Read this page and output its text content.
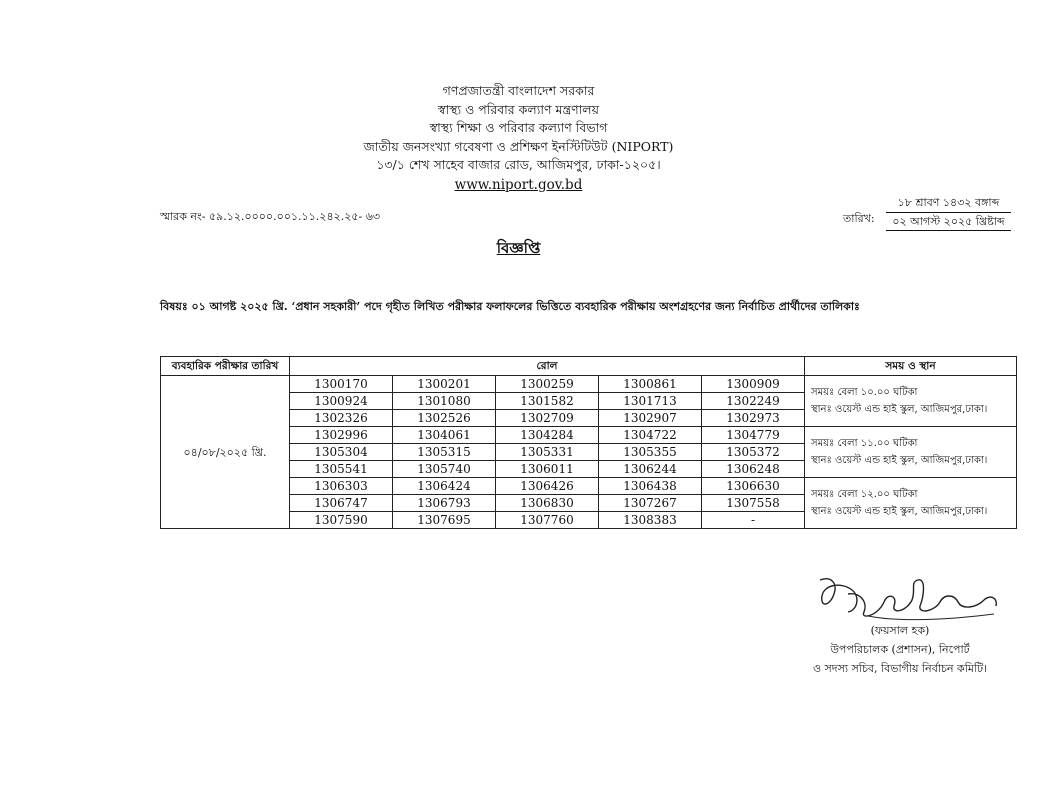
গণপ্রজাতন্ত্রী বাংলাদেশ সরকার
স্বাস্থ্য ও পরিবার কল্যাণ মন্ত্রণালয়
স্বাস্থ্য শিক্ষা ও পরিবার কল্যাণ বিভাগ
জাতীয় জনসংখ্যা গবেষণা ও প্রশিক্ষণ ইনস্টিটিউট (NIPORT)
১৩/১ শেখ সাহেব বাজার রোড, আজিমপুর, ঢাকা-১২০৫।
www.niport.gov.bd
স্মারক নং- ৫৯.১২.০০০০.০০১.১১.২৪২.২৫- ৬৩	তারিখ:
১৮ শ্রাবণ ১৪৩২ বঙ্গাব্দ
০২ আগস্ট ২০২৫ খ্রিষ্টাব্দ
বিজ্ঞপ্তি
বিষয়ঃ ০১ আগষ্ট ২০২৫ খ্রি. ‘প্রধান সহকারী’ পদে গৃহীত লিখিত পরীক্ষার ফলাফলের ভিত্তিতে ব্যবহারিক পরীক্ষায় অংশগ্রহণের জন্য নির্বাচিত প্রার্থীদের তালিকাঃ
ব্যবহারিক পরীক্ষার তারিখ	রোল					সময় ও স্থান
০৪/০৮/২০২৫ খ্রি.	1300170	1300201	1300259	1300861	1300909	সময়ঃ বেলা ১০.০০ ঘটিকা
স্থানঃ ওয়েস্ট এন্ড হাই স্কুল, আজিমপুর,ঢাকা।

	1300924	1301080	1301582	1301713	1302249	
	1302326	1302526	1302709	1302907	1302973	
	1302996	1304061	1304284	1304722	1304779	সময়ঃ বেলা ১১.০০ ঘটিকা
স্থানঃ ওয়েস্ট এন্ড হাই স্কুল, আজিমপুর,ঢাকা।

	1305304	1305315	1305331	1305355	1305372	
	1305541	1305740	1306011	1306244	1306248	
	1306303	1306424	1306426	1306438	1306630	সময়ঃ বেলা ১২.০০ ঘটিকা
স্থানঃ ওয়েস্ট এন্ড হাই স্কুল, আজিমপুর,ঢাকা।

	1306747	1306793	1306830	1307267	1307558	
	1307590	1307695	1307760	1308383	-	
(ফয়সাল হক)
উপপরিচালক (প্রশাসন), নিপোর্ট
ও সদস্য সচিব, বিভাগীয় নির্বাচন কমিটি।
